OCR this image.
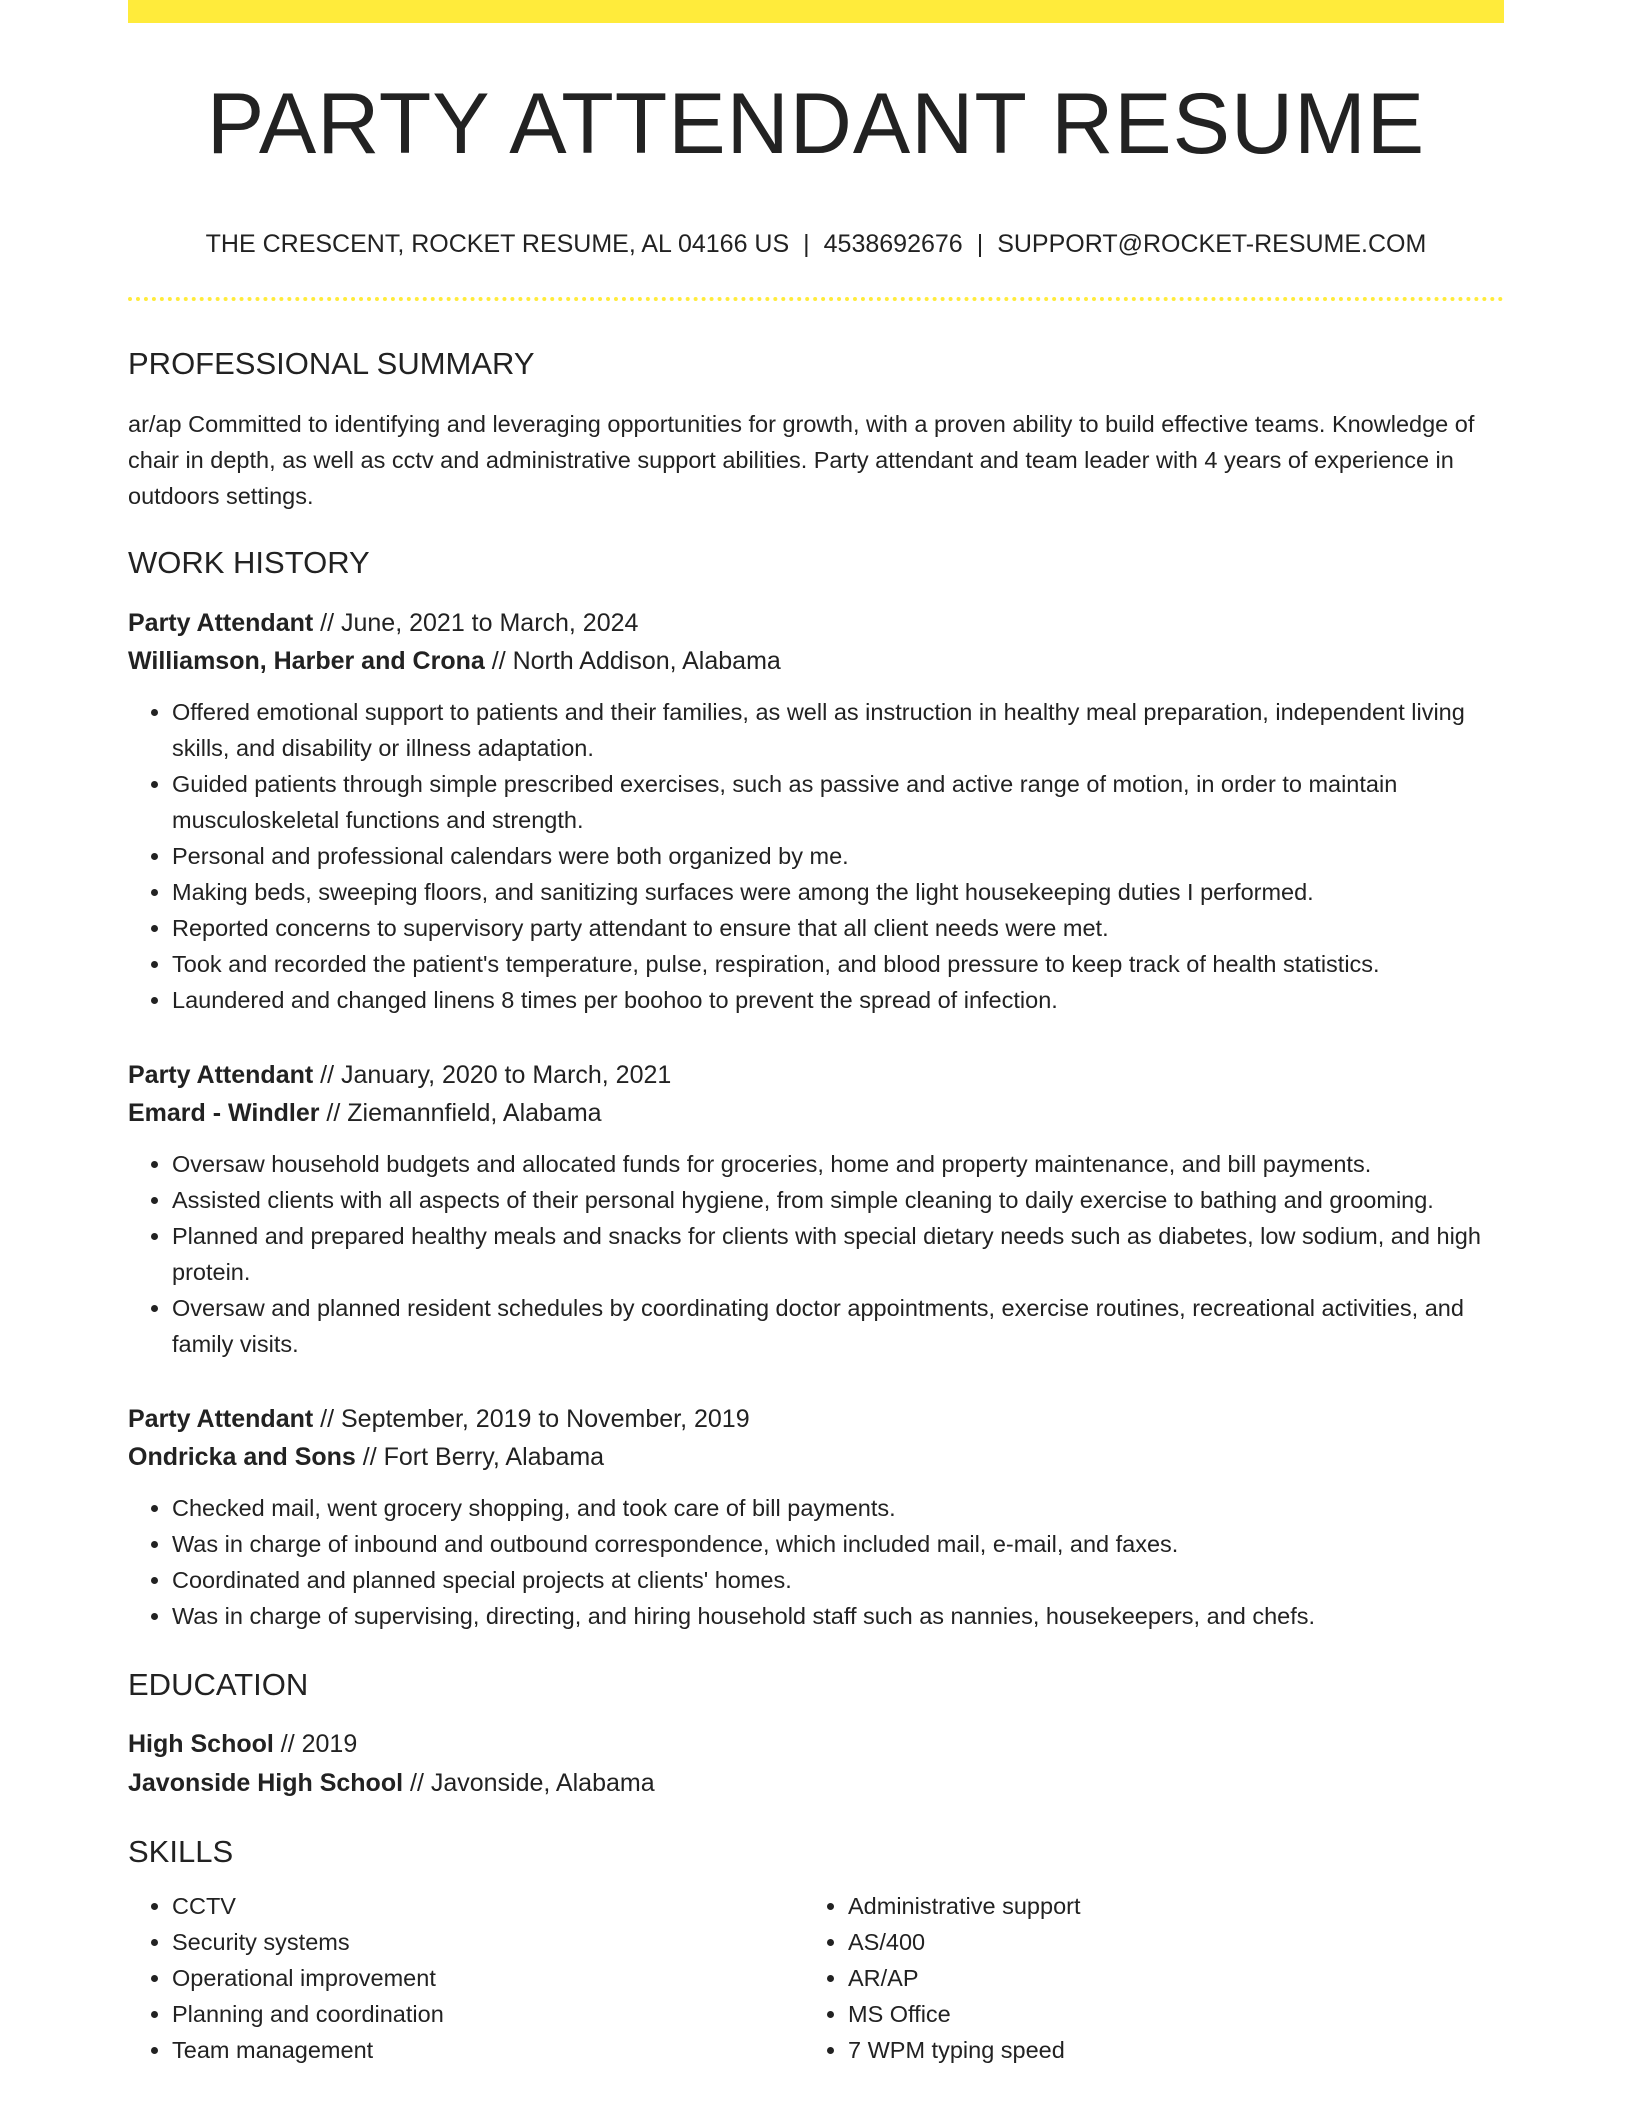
PARTY ATTENDANT RESUME
THE CRESCENT, ROCKET RESUME, AL 04166 US | 4538692676 | SUPPORT@ROCKET-RESUME.COM
PROFESSIONAL SUMMARY
ar/ap Committed to identifying and leveraging opportunities for growth, with a proven ability to build effective teams. Knowledge of chair in depth, as well as cctv and administrative support abilities. Party attendant and team leader with 4 years of experience in outdoors settings.
WORK HISTORY
Party Attendant // June, 2021 to March, 2024
Williamson, Harber and Crona // North Addison, Alabama
• Offered emotional support to patients and their families, as well as instruction in healthy meal preparation, independent living skills, and disability or illness adaptation.
• Guided patients through simple prescribed exercises, such as passive and active range of motion, in order to maintain musculoskeletal functions and strength.
• Personal and professional calendars were both organized by me.
• Making beds, sweeping floors, and sanitizing surfaces were among the light housekeeping duties I performed.
• Reported concerns to supervisory party attendant to ensure that all client needs were met.
• Took and recorded the patient's temperature, pulse, respiration, and blood pressure to keep track of health statistics.
• Laundered and changed linens 8 times per boohoo to prevent the spread of infection.
Party Attendant // January, 2020 to March, 2021
Emard - Windler // Ziemannfield, Alabama
• Oversaw household budgets and allocated funds for groceries, home and property maintenance, and bill payments.
• Assisted clients with all aspects of their personal hygiene, from simple cleaning to daily exercise to bathing and grooming.
• Planned and prepared healthy meals and snacks for clients with special dietary needs such as diabetes, low sodium, and high protein.
• Oversaw and planned resident schedules by coordinating doctor appointments, exercise routines, recreational activities, and family visits.
Party Attendant // September, 2019 to November, 2019
Ondricka and Sons // Fort Berry, Alabama
• Checked mail, went grocery shopping, and took care of bill payments.
• Was in charge of inbound and outbound correspondence, which included mail, e-mail, and faxes.
• Coordinated and planned special projects at clients' homes.
• Was in charge of supervising, directing, and hiring household staff such as nannies, housekeepers, and chefs.
EDUCATION
High School // 2019
Javonside High School // Javonside, Alabama
SKILLS
• CCTV
• Security systems
• Operational improvement
• Planning and coordination
• Team management
• Administrative support
• AS/400
• AR/AP
• MS Office
• 7 WPM typing speed
